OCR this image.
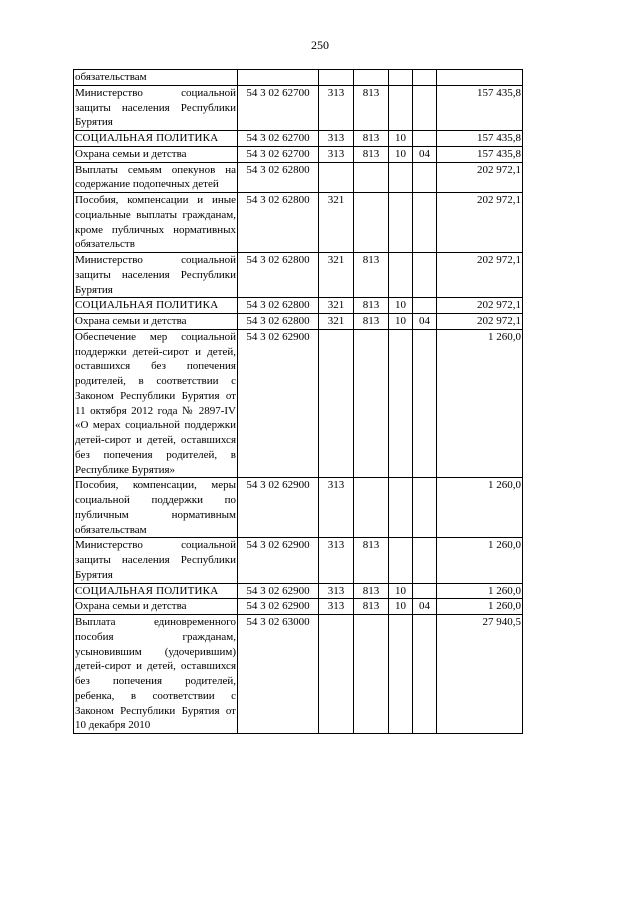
250
обязательствам						
Министерство социальной защиты населения Республики Бурятия	54 3 02 62700	313	813			157 435,8
СОЦИАЛЬНАЯ ПОЛИТИКА	54 3 02 62700	313	813	10		157 435,8
Охрана семьи и детства	54 3 02 62700	313	813	10	04	157 435,8
Выплаты семьям опекунов на содержание подопечных детей	54 3 02 62800					202 972,1
Пособия, компенсации и иные социальные выплаты гражданам, кроме публичных нормативных обязательств	54 3 02 62800	321				202 972,1
Министерство социальной защиты населения Республики Бурятия	54 3 02 62800	321	813			202 972,1
СОЦИАЛЬНАЯ ПОЛИТИКА	54 3 02 62800	321	813	10		202 972,1
Охрана семьи и детства	54 3 02 62800	321	813	10	04	202 972,1
Обеспечение мер социальной поддержки детей-сирот и детей, оставшихся без попечения родителей, в соответствии с Законом Республики Бурятия от 11 октября 2012 года № 2897-IV «О мерах социальной поддержки детей-сирот и детей, оставшихся без попечения родителей, в Республике Бурятия»	54 3 02 62900					1 260,0
Пособия, компенсации, меры социальной поддержки по публичным нормативным обязательствам	54 3 02 62900	313				1 260,0
Министерство социальной защиты населения Республики Бурятия	54 3 02 62900	313	813			1 260,0
СОЦИАЛЬНАЯ ПОЛИТИКА	54 3 02 62900	313	813	10		1 260,0
Охрана семьи и детства	54 3 02 62900	313	813	10	04	1 260,0
Выплата единовременного пособия гражданам, усыновившим (удочерившим) детей-сирот и детей, оставшихся без попечения родителей, ребенка, в соответствии с Законом Республики Бурятия от 10 декабря 2010	54 3 02 63000					27 940,5
